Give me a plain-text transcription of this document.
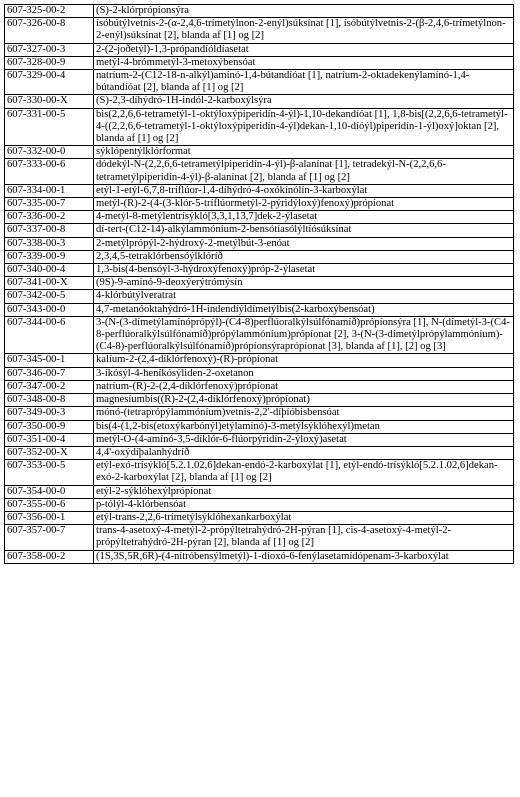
607-325-00-2	(S)-2-klórprópíonsýra
607-326-00-8	ísóbútýlvetnis-2-(α-2,4,6-trímetýlnon-2-enýl)súksínat [1], ísóbútýlvetnis-2-(β-2,4,6-trímetýlnon-2-enýl)súksínat [2], blanda af [1] og [2]
607-327-00-3	2-(2-joðetýl)-1,3-própandíóldíasetat
607-328-00-9	metýl-4-brómmetýl-3-metoxýbensóat
607-329-00-4	natríum-2-(C12-18-n-alkýl)amínó-1,4-bútandíóat [1], natríum-2-oktadekenýlamínó-1,4-bútandíóat [2], blanda af [1] og [2]
607-330-00-X	(S)-2,3-díhýdró-1H-indól-2-karboxýlsýra
607-331-00-5	bis(2,2,6,6-tetrametýl-1-oktýloxýpiperidín-4-ýl)-1,10-dekandíóat [1], 1,8-bis[(2,2,6,6-tetrametýl-4-((2,2,6,6-tetrametýl-1-oktýloxýpiperidín-4-ýl)dekan-1,10-díóýl)piperidín-1-ýl)oxý]oktan [2], blanda af [1] og [2]
607-332-00-0	sýklópentýlklórformat
607-333-00-6	dódekýl-N-(2,2,6,6-tetrametýlpiperidín-4-ýl)-β-alanínat [1], tetradekýl-N-(2,2,6,6-tetrametýlpiperidín-4-ýl)-β-alanínat [2], blanda af [1] og [2]
607-334-00-1	etýl-1-etýl-6,7,8-tríflúor-1,4-díhýdró-4-oxókínólín-3-karboxýlat
607-335-00-7	metýl-(R)-2-(4-(3-klór-5-tríflúormetýl-2-pýridýloxý)fenoxý)própíonat
607-336-00-2	4-metýl-8-metýlentrísýkló[3,3,1,13,7]dek-2-ýlasetat
607-337-00-8	dí-tert-(C12-14)-alkýlammóníum-2-bensótíasólýltíósúksínat
607-338-00-3	2-metýlprópýl-2-hýdroxý-2-metýlbút-3-enóat
607-339-00-9	2,3,4,5-tetraklórbensóýlklóríð
607-340-00-4	1,3-bis(4-bensóýl-3-hýdroxýfenoxý)próp-2-ýlasetat
607-341-00-X	(9S)-9-amínó-9-deoxýerýtrómýsín
607-342-00-5	4-klórbútýlveratrat
607-343-00-0	4,7-metanóoktahýdró-1H-indendíýldímetýlbis(2-karboxýbensóat)
607-344-00-6	3-(N-(3-dímetýlamínóprópýl)-(C4-8)perflúoralkýlsúlfónamíð)própíonsýra [1], N-(dímetýl-3-(C4-8-perflúoralkýlsúlfónamíð)própýlammóníum)própíonat [2], 3-(N-(3-dímetýlprópýlammóníum)-(C4-8)-perflúoralkýlsúlfónamíð)própíonsýraprópíonat [3], blanda af [1], [2] og [3]
607-345-00-1	kalíum-2-(2,4-díklórfenoxý)-(R)-própíonat
607-346-00-7	3-íkósýl-4-heníkósýliden-2-oxetanon
607-347-00-2	natríum-(R)-2-(2,4-díklórfenoxý)própíonat
607-348-00-8	magnesíumbis((R)-2-(2,4-díklórfenoxý)própíonat)
607-349-00-3	mónó-(tetraprópýlammóníum)vetnis-2,2'-díþíóbisbensóat
607-350-00-9	bis(4-(1,2-bis(etoxýkarbónýl)etýlamínó)-3-metýlsýklóhexýl)metan
607-351-00-4	metýl-O-(4-amínó-3,5-díklór-6-flúorpýridín-2-ýloxý)asetat
607-352-00-X	4,4'-oxýdíþalanhýdríð
607-353-00-5	etýl-exó-trísýkló[5.2.1.02,6]dekan-endó-2-karboxýlat [1], etýl-endó-trísýkló[5.2.1.02,6]dekan-exó-2-karboxýlat [2], blanda af [1] og [2]
607-354-00-0	etýl-2-sýklóhexýlprópíonat
607-355-00-6	p-tólýl-4-klórbensóat
607-356-00-1	etýl-trans-2,2,6-trímetýlsýklóhexankarboxýlat
607-357-00-7	trans-4-asetoxý-4-metýl-2-própýltetrahýdró-2H-pýran [1], cis-4-asetoxý-4-metýl-2-própýltetrahýdró-2H-pýran [2], blanda af [1] og [2]
607-358-00-2	(1S,3S,5R,6R)-(4-nítróbensýlmetýl)-1-díoxó-6-fenýlasetamídópenam-3-karboxýlat
